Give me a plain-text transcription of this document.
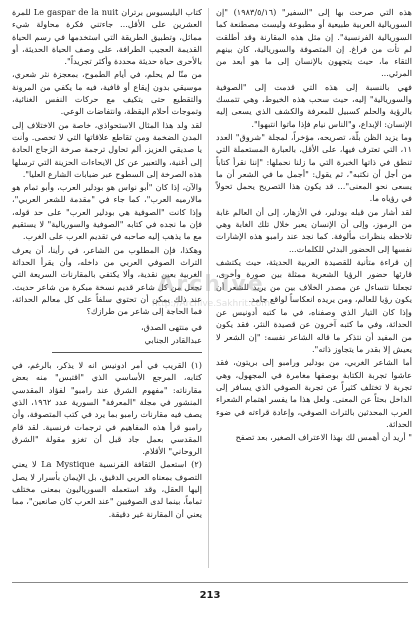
هذه التي صرحت بها إلى "السفير" (١٩٨٣/٥/١٦) "إن السوريالية العربية طبيعية أو مطبوعة وليست مصطنعة كما السوريالية الفرنسية". إن مثل هذه المقارنة وقد أطلقت لم تأت من فراغ. إن المتصوفة والسوريالية، كان بينهم التقاء ما، حيث يتجهون بالإنسان إلى ما هو أبعد من المرئي...

فهي بالنسبة إلى هذه التي قدمت إلى "الصوفية والسوريالية" إليه، حيث سحب هذه الخيوط، وهي تتمسك بالرؤية والحلم كسبيل للمعرفة والكشف الذي يسعى إليه الإنسان: الإبداع، و"الناس نيام فإذا ماتوا انتبهوا".

وما يزيد الظن بلّة، تصريحه، مؤخراً، لمجلة "شروق" العدد ١١، التي تعترف فيها، على الأقل، بالعبارة المستعملة التي تنطق في ذاتها الخبرة التي ما زلنا نحملها: "إننا نقرأ كتاباً من أجل أن نكتبه"، ثم يقول: "أجمل ما في الشعر أن ما يسعى نحو المعنى"... قد يكون هذا التصريح يحمل تحولاً في رؤياه ما.

لقد أشار من قبله بودلير، في الأزهار، إلى أن العالم غابة من الرموز، وإلى أن الإنسان يعبر خلال تلك الغابة وهي تلاحظه بنظرات مألوفة. كما نجد عند رامبو هذه الإشارات نفسها إلى الحضور البدئي للكلمات...

إن قراءة متأنية للقصيدة العربية الحديثة، حيث يكتشف قارئها حضور الرؤيا الشعرية ممثلة بين صورة وأخرى، تجعلنا نتساءل عن مصدر الخلاف بين من يريد للشعر أن يكون رؤيا للعالم، ومن يريده انعكاساً لواقع جامد.

وإذا كان التيار الذي وصفناه، في ما كتبه أدونيس عن الحداثة، وفي ما كتبه آخرون عن قصيدة النثر، فقد يكون من المفيد أن نتذكر ما قاله الشاعر نفسه: "إن الشعر لا يعيش إلا بقدر ما يتجاوز ذاته".

أما الشاعر الغربي، من بودلير ورامبو إلى بريتون، فقد عاشوا تجربة الكتابة بوصفها مغامرة في المجهول، وهي تجربة لا تختلف كثيراً عن تجربة الصوفي الذي يسافر إلى الداخل بحثاً عن المعنى. ولعل هذا ما يفسر اهتمام الشعراء العرب المحدثين بالتراث الصوفي، وإعادة قراءته في ضوء الحداثة.

" أريد أن أهمس لك بهذا الاعتراف الصغير، بعد تصفح

كتاب اليليسيوس برتران Le gaspar de la nuit للمرة العشرين على الأقل... جاءتني فكرة محاولة شيء مماثل، وتطبيق الطريقة التي استخدمها في رسم الحياة القديمة العجيب الطرافة، على وصف الحياة الحديثة، أو بالأحرى حياة حديثة محددة وأكثر تجريداً".

من منّا لم يحلم، في أيام الطموح، بمعجزة نثر شعري، موسيقي بدون إيقاع أو قافية، فيه ما يكفي من المرونة والتقطيع حتى يتكيف مع حركات النفس الغنائية، وتموجات أحلام اليقظة، وانتفاضات الوعي.

لقد ولد هذا المثال الاستحواذي، خاصة من الاختلاف إلى المدن الضخمة ومن تقاطع علاقاتها التي لا تحصى. وأنت يا صديقي العزيز، ألم تحاول ترجمة صرخة الزجاج الحادة إلى أغنية، والتعبير عن كل الايحاءات الحزينة التي ترسلها هذه الصرخة إلى السطوح عبر ضبابات الشارع العليا".

والآن، إذا كان "أبو نواس هو بودلير العرب، وأبو تمام هو مالارميه العرب"، كما جاء في "مقدمة للشعر العربي"، وإذا كانت "الصوفية هي بودلير العرب" على حد قوله، فإن ما نجده في كتابه "الصوفية والسوريالية" لا يستقيم مع ما يذهب إليه صاحبه في تقديم العرب على الغرب.

وهكذا، فإن المطلوب من الشاعر، في رأينا، أن يعرف التراث الصوفي العربي من داخله، وأن يقرأ الحداثة الغربية بعين نقدية، وألا يكتفي بالمقارنات السريعة التي تجعل من كل شاعر قديم نسخة مبكرة من شاعر حديث. عند ذلك يمكن أن تحتوي سلفاً على كل معالم الحداثة، فما الحاجة إلى شاعر من طرازك؟

في منتهى الصدق،
عبدالقادر الجنابي

(١) القريب في أمر ادونيس انه لا يذكر، بالرغم، في كتابه، المرجع الأساسي الذي "اقتبس" منه بعض مقارناته: "مفهوم الشرق عند رامبو" لفؤاد المقدسي المنشور في مجلة "المعرفة" السورية عدد ١٩٦٢، الذي يصف فيه مقارنات رامبو بما يرد في كتب المتصوفة، وأن رامبو قرأ هذه المفاهيم في ترجمات فرنسية. لقد قام المقدسي بعمل جاد قبل أن تغزو مقولة "الشرق الروحاني" الأقلام.

(٢) استعمل الثقافة الفرنسية La Mystique لا يعني التصوف بمعناه العربي الدقيق، بل الإيمان بأسرار لا يصل إليها العقل، وقد استعمله السورياليون بمعنى مختلف تماماً، بينما لدى الصوفيين "عند العرب كان صانعين"، مما يعني أن المقارنة غير دقيقة.

Archive
http://Archive.Sakhrit.com
213
